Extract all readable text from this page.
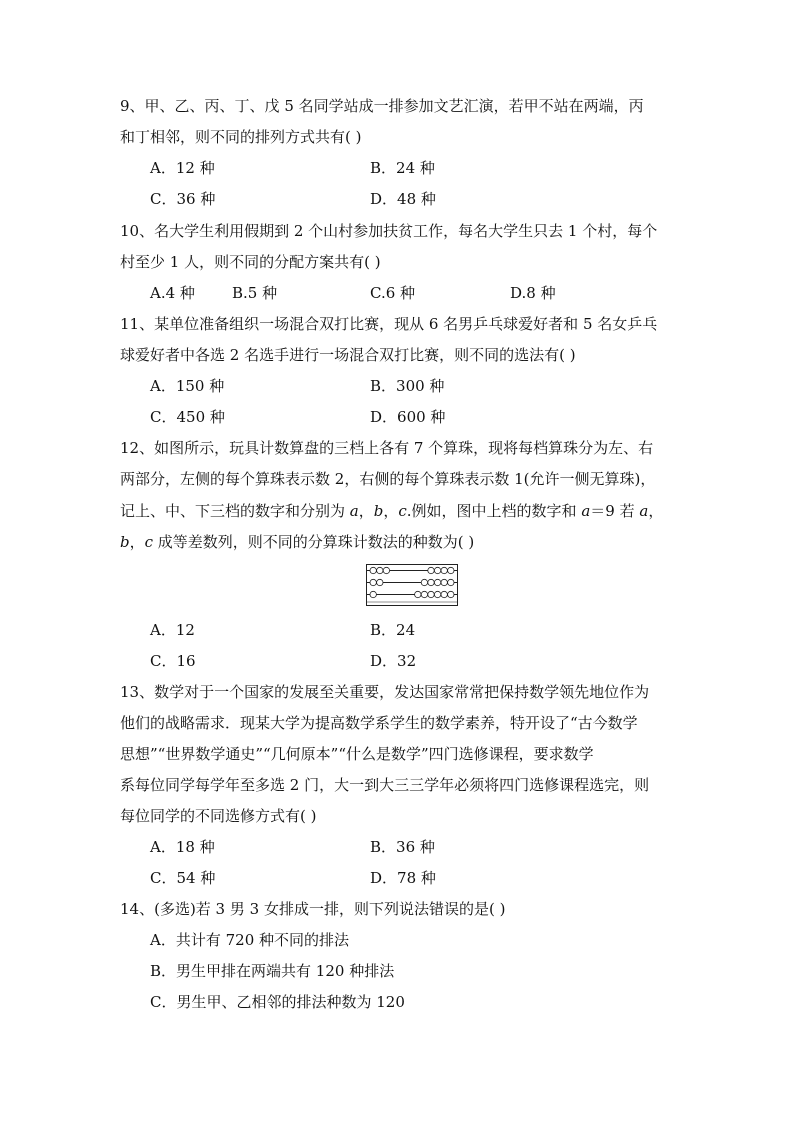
9、甲、乙、丙、丁、戊 5 名同学站成一排参加文艺汇演，若甲不站在两端，丙
和丁相邻，则不同的排列方式共有( )
A．12 种	B．24 种
C．36 种	D．48 种
10、名大学生利用假期到 2 个山村参加扶贫工作，每名大学生只去 1 个村，每个
村至少 1 人，则不同的分配方案共有( )
A.4 种 B.5 种	C.6 种	D.8 种
11、某单位准备组织一场混合双打比赛，现从 6 名男乒乓球爱好者和 5 名女乒乓
球爱好者中各选 2 名选手进行一场混合双打比赛，则不同的选法有( )
A．150 种	B．300 种
C．450 种	D．600 种
12、如图所示，玩具计数算盘的三档上各有 7 个算珠，现将每档算珠分为左、右
两部分，左侧的每个算珠表示数 2，右侧的每个算珠表示数 1(允许一侧无算珠)，
记上、中、下三档的数字和分别为 a，b，c.例如，图中上档的数字和 a＝9 若 a，
b，c 成等差数列，则不同的分算珠计数法的种数为( )
A．12	B．24
C．16	D．32
13、数学对于一个国家的发展至关重要，发达国家常常把保持数学领先地位作为
他们的战略需求．现某大学为提高数学系学生的数学素养，特开设了“古今数学
思想”“世界数学通史”“几何原本”“什么是数学”四门选修课程，要求数学
系每位同学每学年至多选 2 门，大一到大三三学年必须将四门选修课程选完，则
每位同学的不同选修方式有( )
A．18 种	B．36 种
C．54 种	D．78 种
14、(多选)若 3 男 3 女排成一排，则下列说法错误的是( )
A．共计有 720 种不同的排法
B．男生甲排在两端共有 120 种排法
C．男生甲、乙相邻的排法种数为 120
